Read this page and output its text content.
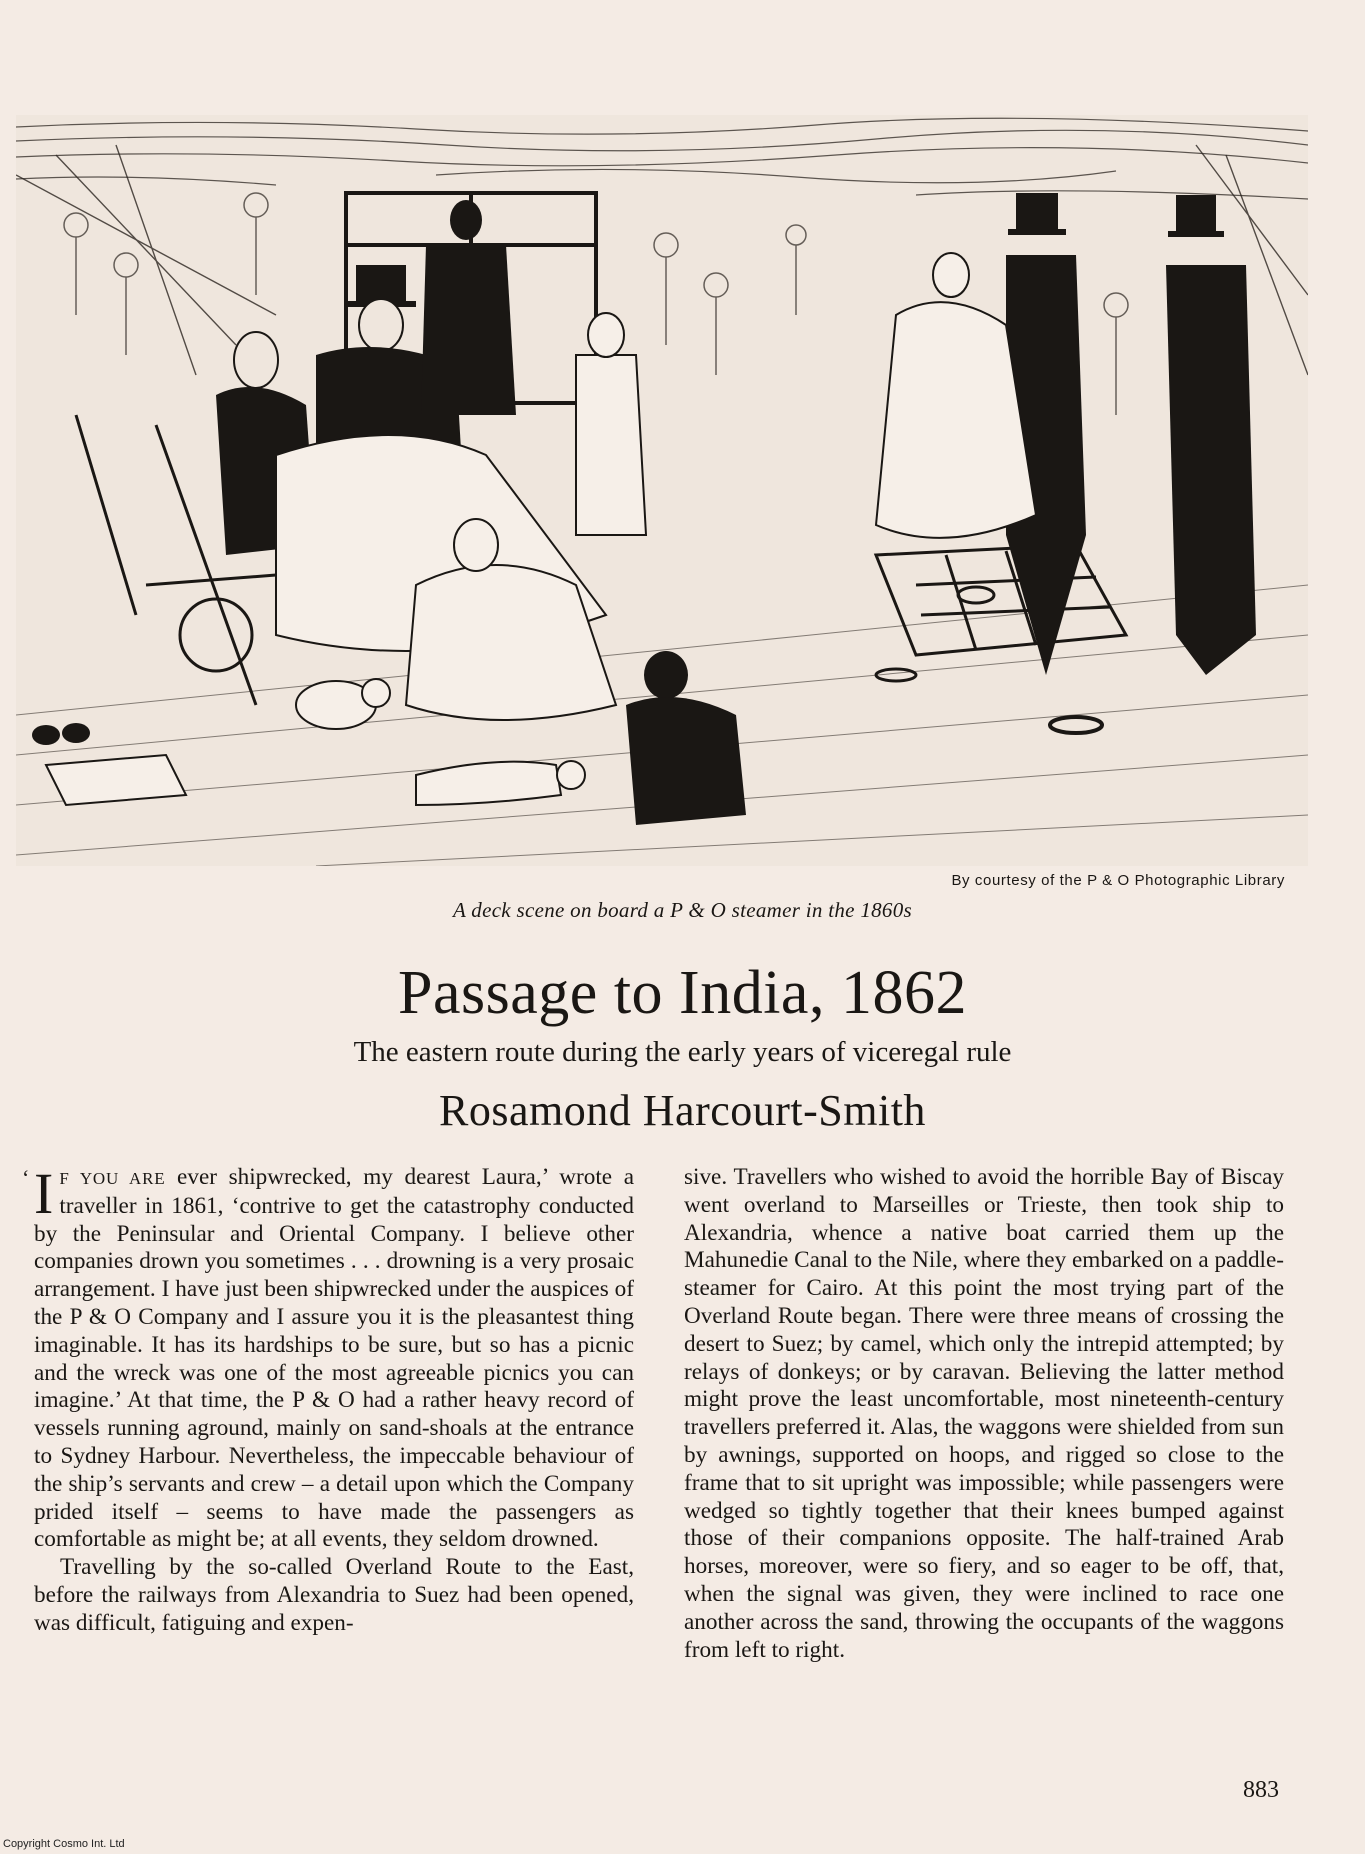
By courtesy of the P & O Photographic Library
A deck scene on board a P & O steamer in the 1860s
Passage to India, 1862
The eastern route during the early years of viceregal rule
Rosamond Harcourt-Smith
‘ I F YOU ARE ever shipwrecked, my dearest Laura,’ wrote a traveller in 1861, ‘contrive to get the catastrophy conducted by the Peninsular and Oriental Company. I believe other companies drown you sometimes . . . drowning is a very prosaic arrangement. I have just been shipwrecked under the auspices of the P & O Company and I assure you it is the pleasantest thing imaginable. It has its hardships to be sure, but so has a picnic and the wreck was one of the most agreeable picnics you can imagine.’ At that time, the P & O had a rather heavy record of vessels running aground, mainly on sand-shoals at the entrance to Sydney Harbour. Nevertheless, the impeccable behaviour of the ship’s servants and crew – a detail upon which the Company prided itself – seems to have made the passengers as comfortable as might be; at all events, they seldom drowned.

Travelling by the so-called Overland Route to the East, before the railways from Alexandria to Suez had been opened, was difficult, fatiguing and expen-

sive. Travellers who wished to avoid the horrible Bay of Biscay went overland to Marseilles or Trieste, then took ship to Alexandria, whence a native boat carried them up the Mahunedie Canal to the Nile, where they embarked on a paddle-steamer for Cairo. At this point the most trying part of the Overland Route began. There were three means of crossing the desert to Suez; by camel, which only the intrepid attempted; by relays of donkeys; or by caravan. Believing the latter method might prove the least uncomfortable, most nineteenth-century travellers preferred it. Alas, the waggons were shielded from sun by awnings, supported on hoops, and rigged so close to the frame that to sit upright was impossible; while passengers were wedged so tightly together that their knees bumped against those of their companions opposite. The half-trained Arab horses, moreover, were so fiery, and so eager to be off, that, when the signal was given, they were inclined to race one another across the sand, throwing the occupants of the waggons from left to right.

883
Copyright Cosmo Int. Ltd
